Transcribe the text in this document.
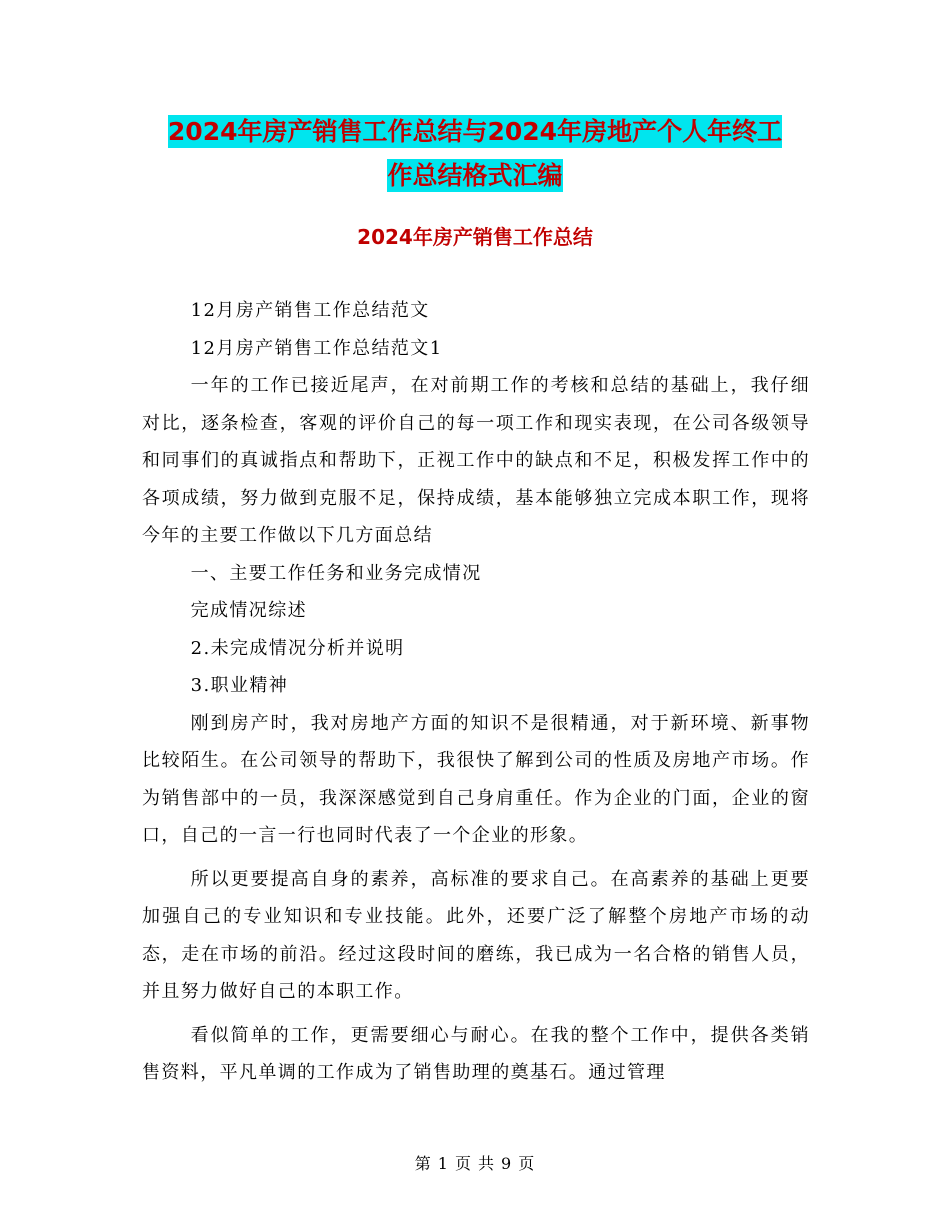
2024年房产销售工作总结与2024年房地产个人年终工
作总结格式汇编
2024年房产销售工作总结

12月房产销售工作总结范文

12月房产销售工作总结范文1

一年的工作已接近尾声，在对前期工作的考核和总结的基础上，我仔细对比，逐条检查，客观的评价自己的每一项工作和现实表现，在公司各级领导和同事们的真诚指点和帮助下，正视工作中的缺点和不足，积极发挥工作中的各项成绩，努力做到克服不足，保持成绩，基本能够独立完成本职工作，现将今年的主要工作做以下几方面总结

一、主要工作任务和业务完成情况

完成情况综述

2.未完成情况分析并说明

3.职业精神

刚到房产时，我对房地产方面的知识不是很精通，对于新环境、新事物比较陌生。在公司领导的帮助下，我很快了解到公司的性质及房地产市场。作为销售部中的一员，我深深感觉到自己身肩重任。作为企业的门面，企业的窗口，自己的一言一行也同时代表了一个企业的形象。

所以更要提高自身的素养，高标准的要求自己。在高素养的基础上更要加强自己的专业知识和专业技能。此外，还要广泛了解整个房地产市场的动态，走在市场的前沿。经过这段时间的磨练，我已成为一名合格的销售人员，并且努力做好自己的本职工作。

看似简单的工作，更需要细心与耐心。在我的整个工作中，提供各类销售资料，平凡单调的工作成为了销售助理的奠基石。通过管理

第 1 页 共 9 页
